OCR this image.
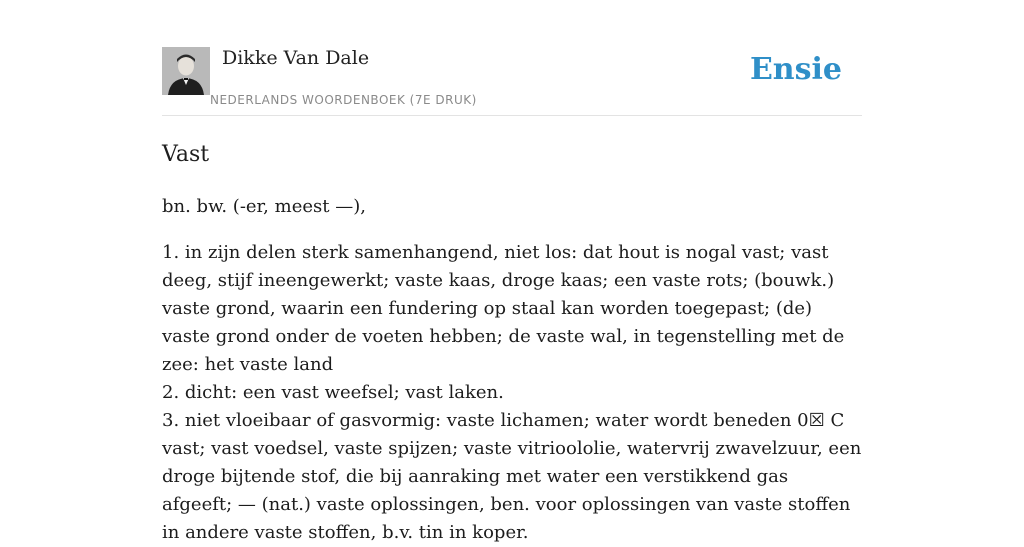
Dikke Van Dale
NEDERLANDS WOORDENBOEK (7E DRUK)
Ensie
Vast

bn. bw. (-er, meest —),

1. in zijn delen sterk samenhangend, niet los: dat hout is nogal vast; vast deeg, stijf ineengewerkt; vaste kaas, droge kaas; een vaste rots; (bouwk.) vaste grond, waarin een fundering op staal kan worden toegepast; (de) vaste grond onder de voeten hebben; de vaste wal, in tegenstelling met de zee: het vaste land
2. dicht: een vast weefsel; vast laken.
3. niet vloeibaar of gasvormig: vaste lichamen; water wordt beneden 0☒ C vast; vast voedsel, vaste spijzen; vaste vitrioololie, watervrij zwavelzuur, een droge bijtende stof, die bij aanraking met water een verstikkend gas afgeeft; — (nat.) vaste oplossingen, ben. voor oplossingen van vaste stoffen in andere vaste stoffen, b.v. tin in koper.
